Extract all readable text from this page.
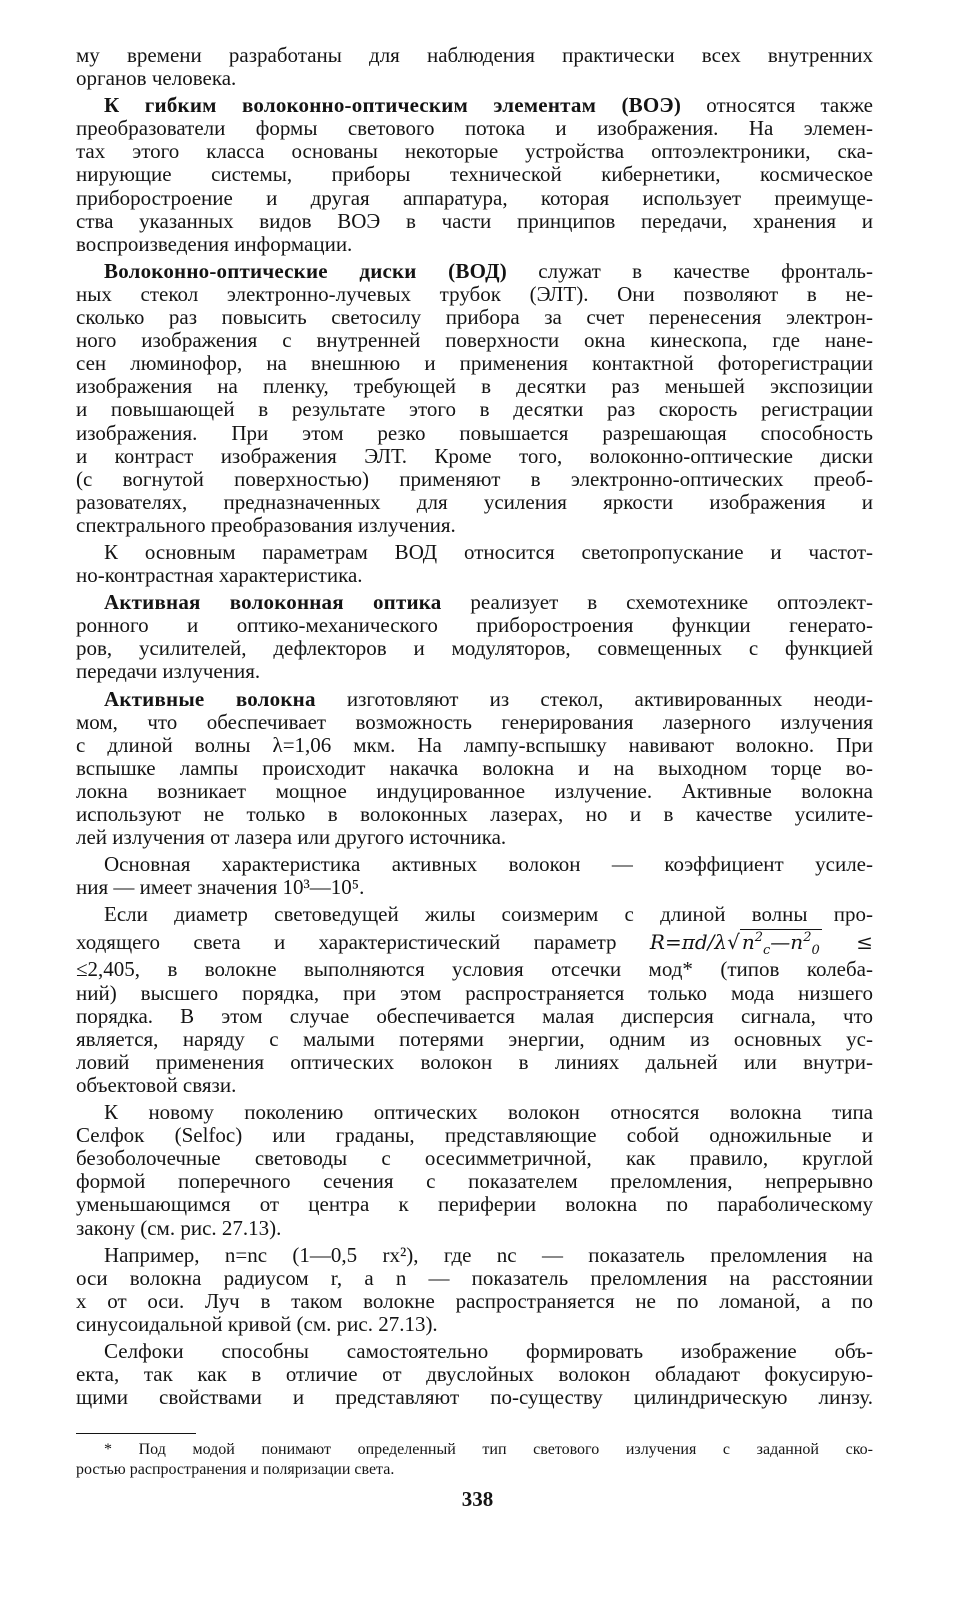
му времени разработаны для наблюдения практически всех внутренних
органов человека.
К гибким волоконно-оптическим элементам (ВОЭ) относятся также
преобразователи формы светового потока и изображения. На элемен-
тах этого класса основаны некоторые устройства оптоэлектроники, ска-
нирующие системы, приборы технической кибернетики, космическое
приборостроение и другая аппаратура, которая использует преимуще-
ства указанных видов ВОЭ в части принципов передачи, хранения и
воспроизведения информации.
Волоконно-оптические диски (ВОД) служат в качестве фронталь-
ных стекол электронно-лучевых трубок (ЭЛТ). Они позволяют в не-
сколько раз повысить светосилу прибора за счет перенесения электрон-
ного изображения с внутренней поверхности окна кинескопа, где нане-
сен люминофор, на внешнюю и применения контактной фоторегистрации
изображения на пленку, требующей в десятки раз меньшей экспозиции
и повышающей в результате этого в десятки раз скорость регистрации
изображения. При этом резко повышается разрешающая способность
и контраст изображения ЭЛТ. Кроме того, волоконно-оптические диски
(с вогнутой поверхностью) применяют в электронно-оптических преоб-
разователях, предназначенных для усиления яркости изображения и
спектрального преобразования излучения.
К основным параметрам ВОД относится светопропускание и частот-
но-контрастная характеристика.
Активная волоконная оптика реализует в схемотехнике оптоэлект-
ронного и оптико-механического приборостроения функции генерато-
ров, усилителей, дефлекторов и модуляторов, совмещенных с функцией
передачи излучения.
Активные волокна изготовляют из стекол, активированных неоди-
мом, что обеспечивает возможность генерирования лазерного излучения
с длиной волны λ=1,06 мкм. На лампу-вспышку навивают волокно. При
вспышке лампы происходит накачка волокна и на выходном торце во-
локна возникает мощное индуцированное излучение. Активные волокна
используют не только в волоконных лазерах, но и в качестве усилите-
лей излучения от лазера или другого источника.
Основная характеристика активных волокон — коэффициент усиле-
ния — имеет значения 10³—10⁵.
Если диаметр световедущей жилы соизмерим с длиной волны про-
ходящего света и характеристический параметр R=πd/λ√ $n^2_c—n^2_0$ ≤
≤2,405, в волокне выполняются условия отсечки мод* (типов колеба-
ний) высшего порядка, при этом распространяется только мода низшего
порядка. В этом случае обеспечивается малая дисперсия сигнала, что
является, наряду с малыми потерями энергии, одним из основных ус-
ловий применения оптических волокон в линиях дальней или внутри-
объектовой связи.
К новому поколению оптических волокон относятся волокна типа
Селфок (Selfoc) или граданы, представляющие собой одножильные и
безоболочечные световоды с осесимметричной, как правило, круглой
формой поперечного сечения с показателем преломления, непрерывно
уменьшающимся от центра к периферии волокна по параболическому
закону (см. рис. 27.13).
Например, n=nс (1—0,5 rx²), где nс — показатель преломления на
оси волокна радиусом r, а n — показатель преломления на расстоянии
x от оси. Луч в таком волокне распространяется не по ломаной, а по
синусоидальной кривой (см. рис. 27.13).
Селфоки способны самостоятельно формировать изображение объ-
екта, так как в отличие от двуслойных волокон обладают фокусирую-
щими свойствами и представляют по-существу цилиндрическую линзу.
* Под модой понимают определенный тип светового излучения с заданной ско-
ростью распространения и поляризации света.
338
